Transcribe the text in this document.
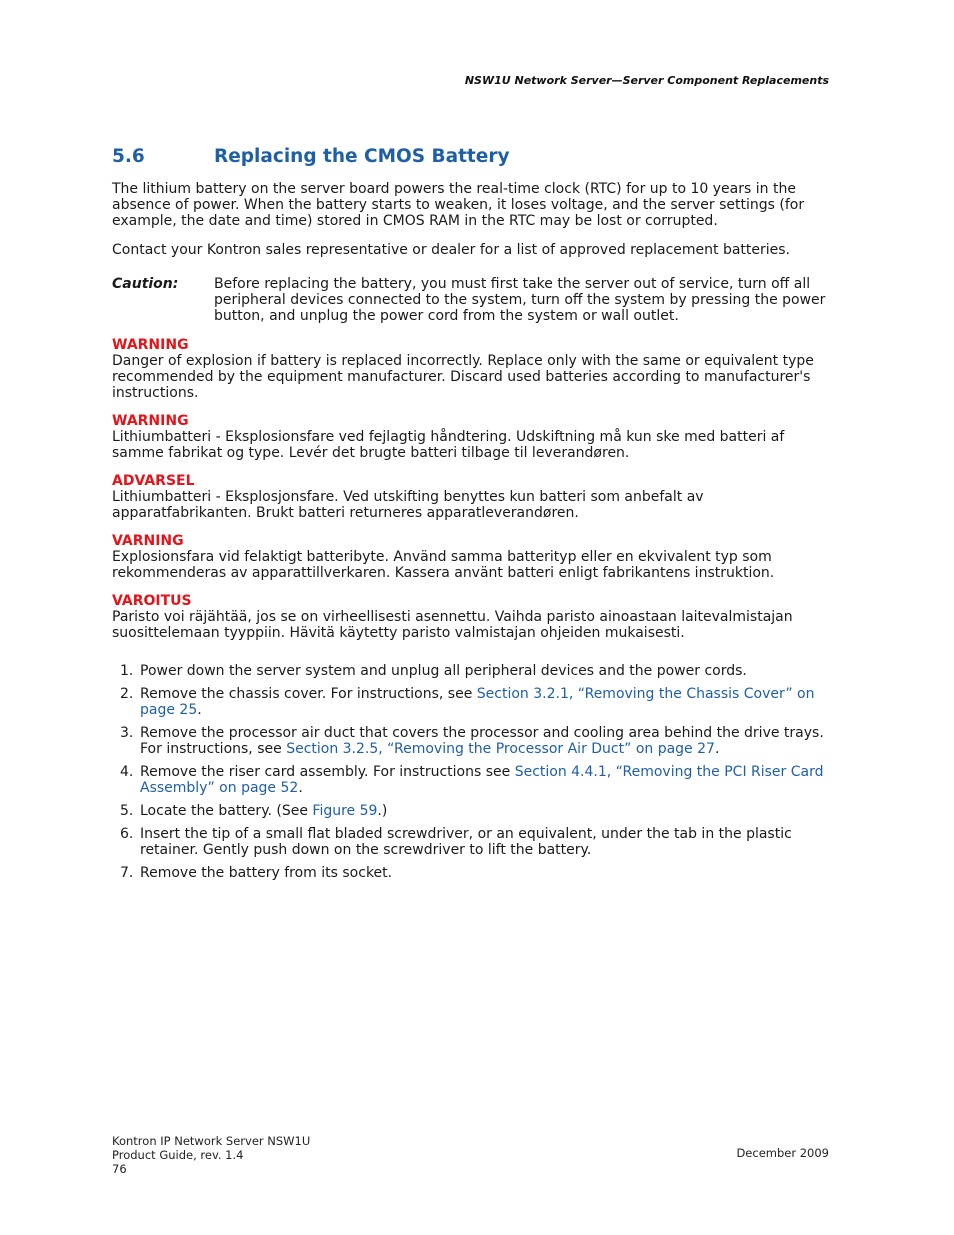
NSW1U Network Server—Server Component Replacements
5.6	Replacing the CMOS Battery

The lithium battery on the server board powers the real-time clock (RTC) for up to 10 years in the absence of power. When the battery starts to weaken, it loses voltage, and the server settings (for example, the date and time) stored in CMOS RAM in the RTC may be lost or corrupted.

Contact your Kontron sales representative or dealer for a list of approved replacement batteries.

Caution:	Before replacing the battery, you must first take the server out of service, turn off all peripheral devices connected to the system, turn off the system by pressing the power button, and unplug the power cord from the system or wall outlet.
WARNING

Danger of explosion if battery is replaced incorrectly. Replace only with the same or equivalent type recommended by the equipment manufacturer. Discard used batteries according to manufacturer's instructions.

WARNING

Lithiumbatteri - Eksplosionsfare ved fejlagtig håndtering. Udskiftning må kun ske med batteri af samme fabrikat og type. Levér det brugte batteri tilbage til leverandøren.

ADVARSEL

Lithiumbatteri - Eksplosjonsfare. Ved utskifting benyttes kun batteri som anbefalt av apparatfabrikanten. Brukt batteri returneres apparatleverandøren.

VARNING

Explosionsfara vid felaktigt batteribyte. Använd samma batterityp eller en ekvivalent typ som rekommenderas av apparattillverkaren. Kassera använt batteri enligt fabrikantens instruktion.

VAROITUS

Paristo voi räjähtää, jos se on virheellisesti asennettu. Vaihda paristo ainoastaan laitevalmistajan suosittelemaan tyyppiin. Hävitä käytetty paristo valmistajan ohjeiden mukaisesti.

1. Power down the server system and unplug all peripheral devices and the power cords.
2. Remove the chassis cover. For instructions, see Section 3.2.1, “Removing the Chassis Cover” on page 25.
3. Remove the processor air duct that covers the processor and cooling area behind the drive trays. For instructions, see Section 3.2.5, “Removing the Processor Air Duct” on page 27.
4. Remove the riser card assembly. For instructions see Section 4.4.1, “Removing the PCI Riser Card Assembly” on page 52.
5. Locate the battery. (See Figure 59.)
6. Insert the tip of a small flat bladed screwdriver, or an equivalent, under the tab in the plastic retainer. Gently push down on the screwdriver to lift the battery.
7. Remove the battery from its socket.
Kontron IP Network Server NSW1U
Product Guide, rev. 1.4
76
December 2009
